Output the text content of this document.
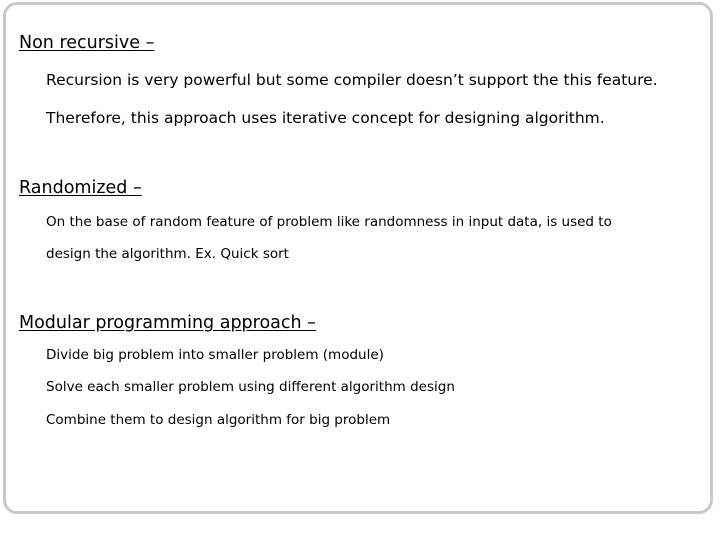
Non recursive –

Recursion is very powerful but some compiler doesn’t support the this feature.

Therefore, this approach uses iterative concept for designing algorithm.

Randomized –

On the base of random feature of problem like randomness in input data, is used to

design the algorithm. Ex. Quick sort

Modular programming approach –

Divide big problem into smaller problem (module)

Solve each smaller problem using different algorithm design

Combine them to design algorithm for big problem
